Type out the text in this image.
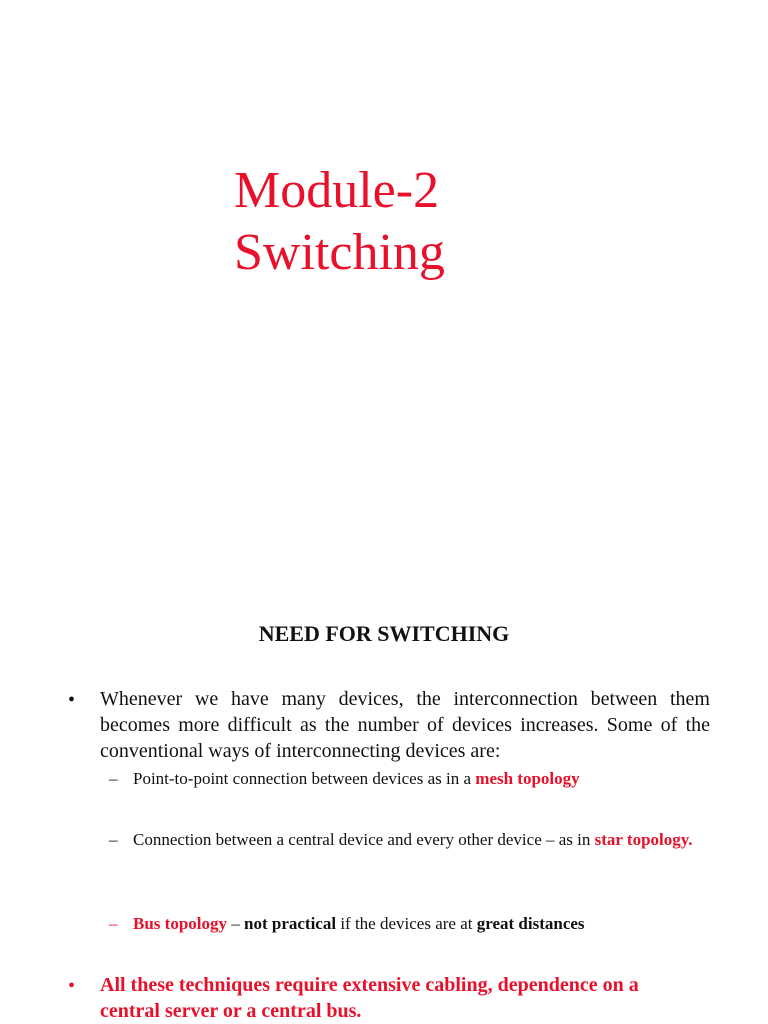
Module-2
Switching
NEED FOR SWITCHING
• Whenever we have many devices, the interconnection between them becomes more difficult as the number of devices increases. Some of the conventional ways of interconnecting devices are:
– Point-to-point connection between devices as in a mesh topology
– Connection between a central device and every other device – as in star topology.
– Bus topology – not practical if the devices are at great distances
• All these techniques require extensive cabling, dependence on a central server or a central bus.
